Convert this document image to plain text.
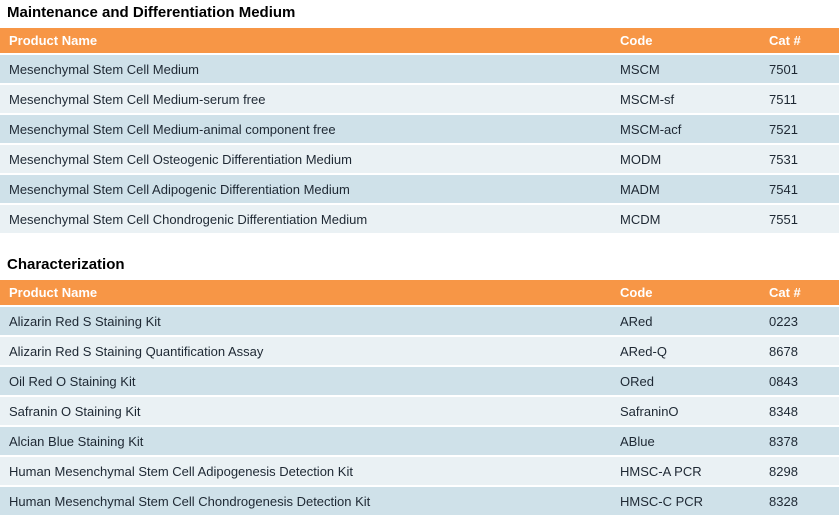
Maintenance and Differentiation Medium
Product Name	Code	Cat #
Mesenchymal Stem Cell Medium	MSCM	7501
Mesenchymal Stem Cell Medium-serum free	MSCM-sf	7511
Mesenchymal Stem Cell Medium-animal component free	MSCM-acf	7521
Mesenchymal Stem Cell Osteogenic Differentiation Medium	MODM	7531
Mesenchymal Stem Cell Adipogenic Differentiation Medium	MADM	7541
Mesenchymal Stem Cell Chondrogenic Differentiation Medium	MCDM	7551
Characterization
Product Name	Code	Cat #
Alizarin Red S Staining Kit	ARed	0223
Alizarin Red S Staining Quantification Assay	ARed-Q	8678
Oil Red O Staining Kit	ORed	0843
Safranin O Staining Kit	SafraninO	8348
Alcian Blue Staining Kit	ABlue	8378
Human Mesenchymal Stem Cell Adipogenesis Detection Kit	HMSC-A PCR	8298
Human Mesenchymal Stem Cell Chondrogenesis Detection Kit	HMSC-C PCR	8328
